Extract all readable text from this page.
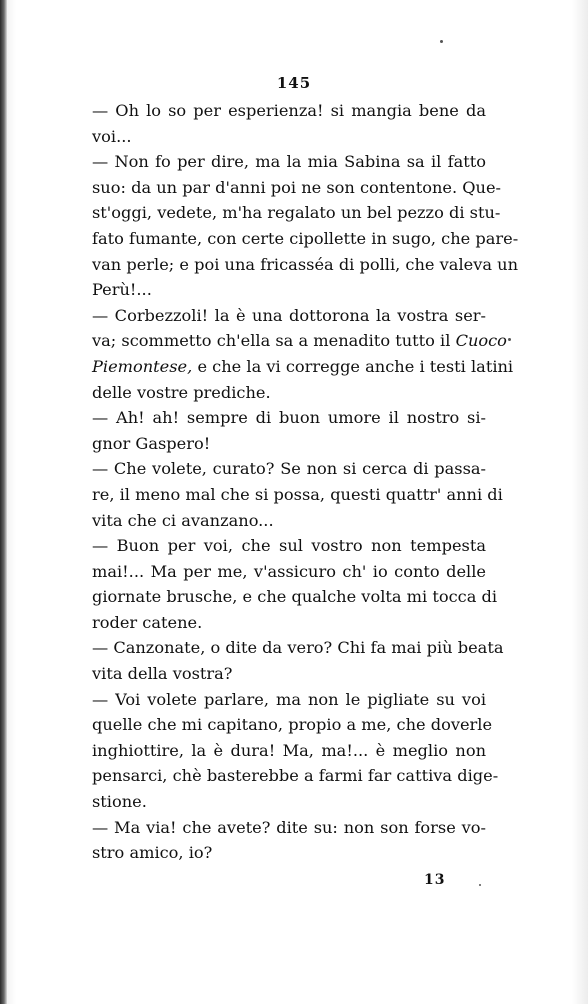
145
— Oh lo so per esperienza! si mangia bene da
voi...
— Non fo per dire, ma la mia Sabina sa il fatto
suo: da un par d'anni poi ne son contentone. Que-
st'oggi, vedete, m'ha regalato un bel pezzo di stu-
fato fumante, con certe cipollette in sugo, che pare-
van perle; e poi una fricasséa di polli, che valeva un
Perù!...
— Corbezzoli! la è una dottorona la vostra ser-
va; scommetto ch'ella sa a menadito tutto il Cuoco
Piemontese, e che la vi corregge anche i testi latini
delle vostre prediche.
— Ah! ah! sempre di buon umore il nostro si-
gnor Gaspero!
— Che volete, curato? Se non si cerca di passa-
re, il meno mal che si possa, questi quattr' anni di
vita che ci avanzano...
— Buon per voi, che sul vostro non tempesta
mai!... Ma per me, v'assicuro ch' io conto delle
giornate brusche, e che qualche volta mi tocca di
roder catene.
— Canzonate, o dite da vero? Chi fa mai più beata
vita della vostra?
— Voi volete parlare, ma non le pigliate su voi
quelle che mi capitano, propio a me, che doverle
inghiottire, la è dura! Ma, ma!... è meglio non
pensarci, chè basterebbe a farmi far cattiva dige-
stione.
— Ma via! che avete? dite su: non son forse vo-
stro amico, io?
13
